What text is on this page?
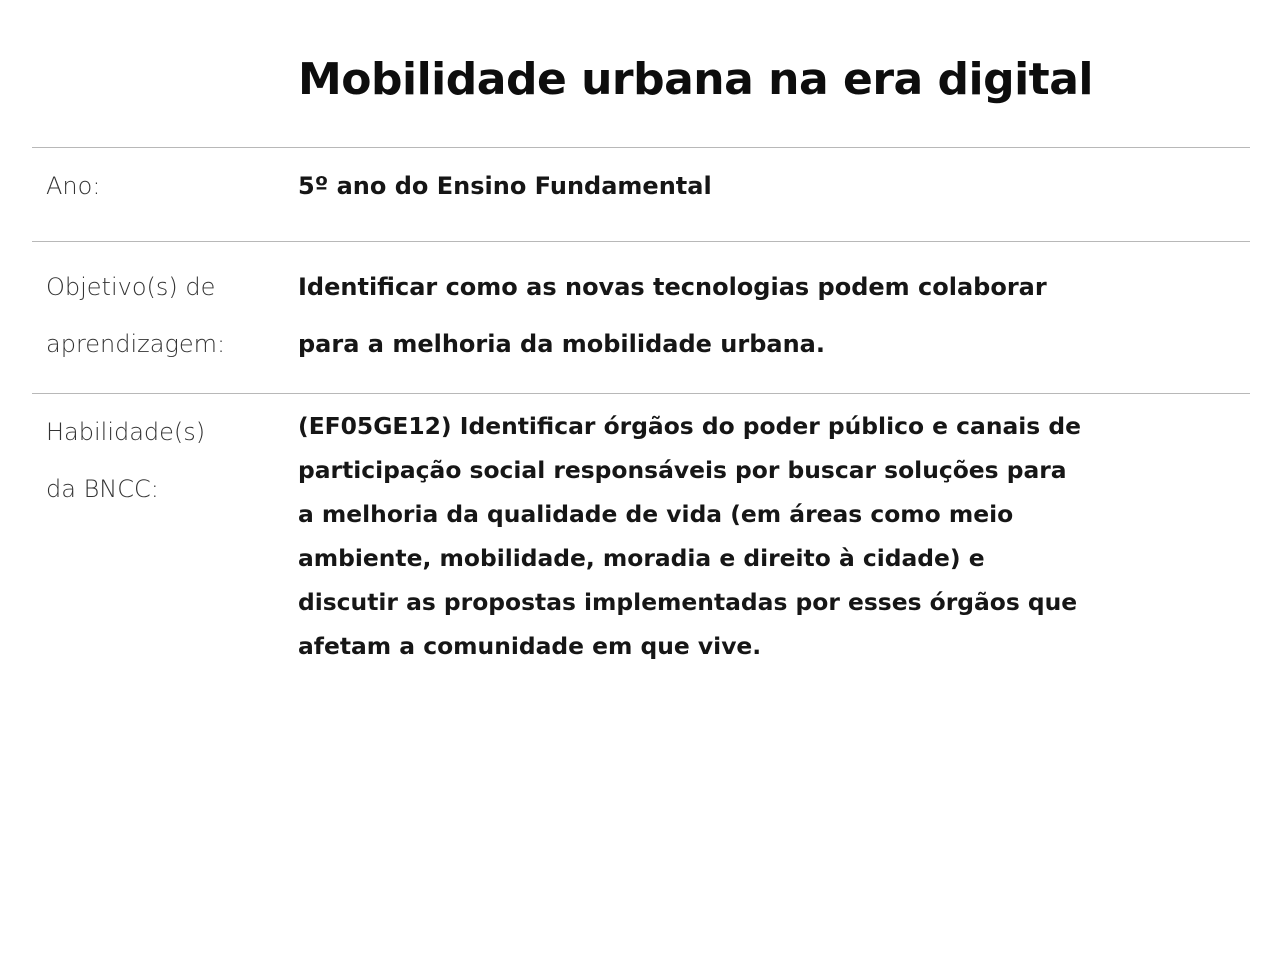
Mobilidade urbana na era digital
Ano:	5º ano do Ensino Fundamental
Objetivo(s) de
aprendizagem:
Identificar como as novas tecnologias podem colaborar
para a melhoria da mobilidade urbana.
Habilidade(s)
da BNCC:
(EF05GE12) Identificar órgãos do poder público e canais de
participação social responsáveis por buscar soluções para
a melhoria da qualidade de vida (em áreas como meio
ambiente, mobilidade, moradia e direito à cidade) e
discutir as propostas implementadas por esses órgãos que
afetam a comunidade em que vive.
